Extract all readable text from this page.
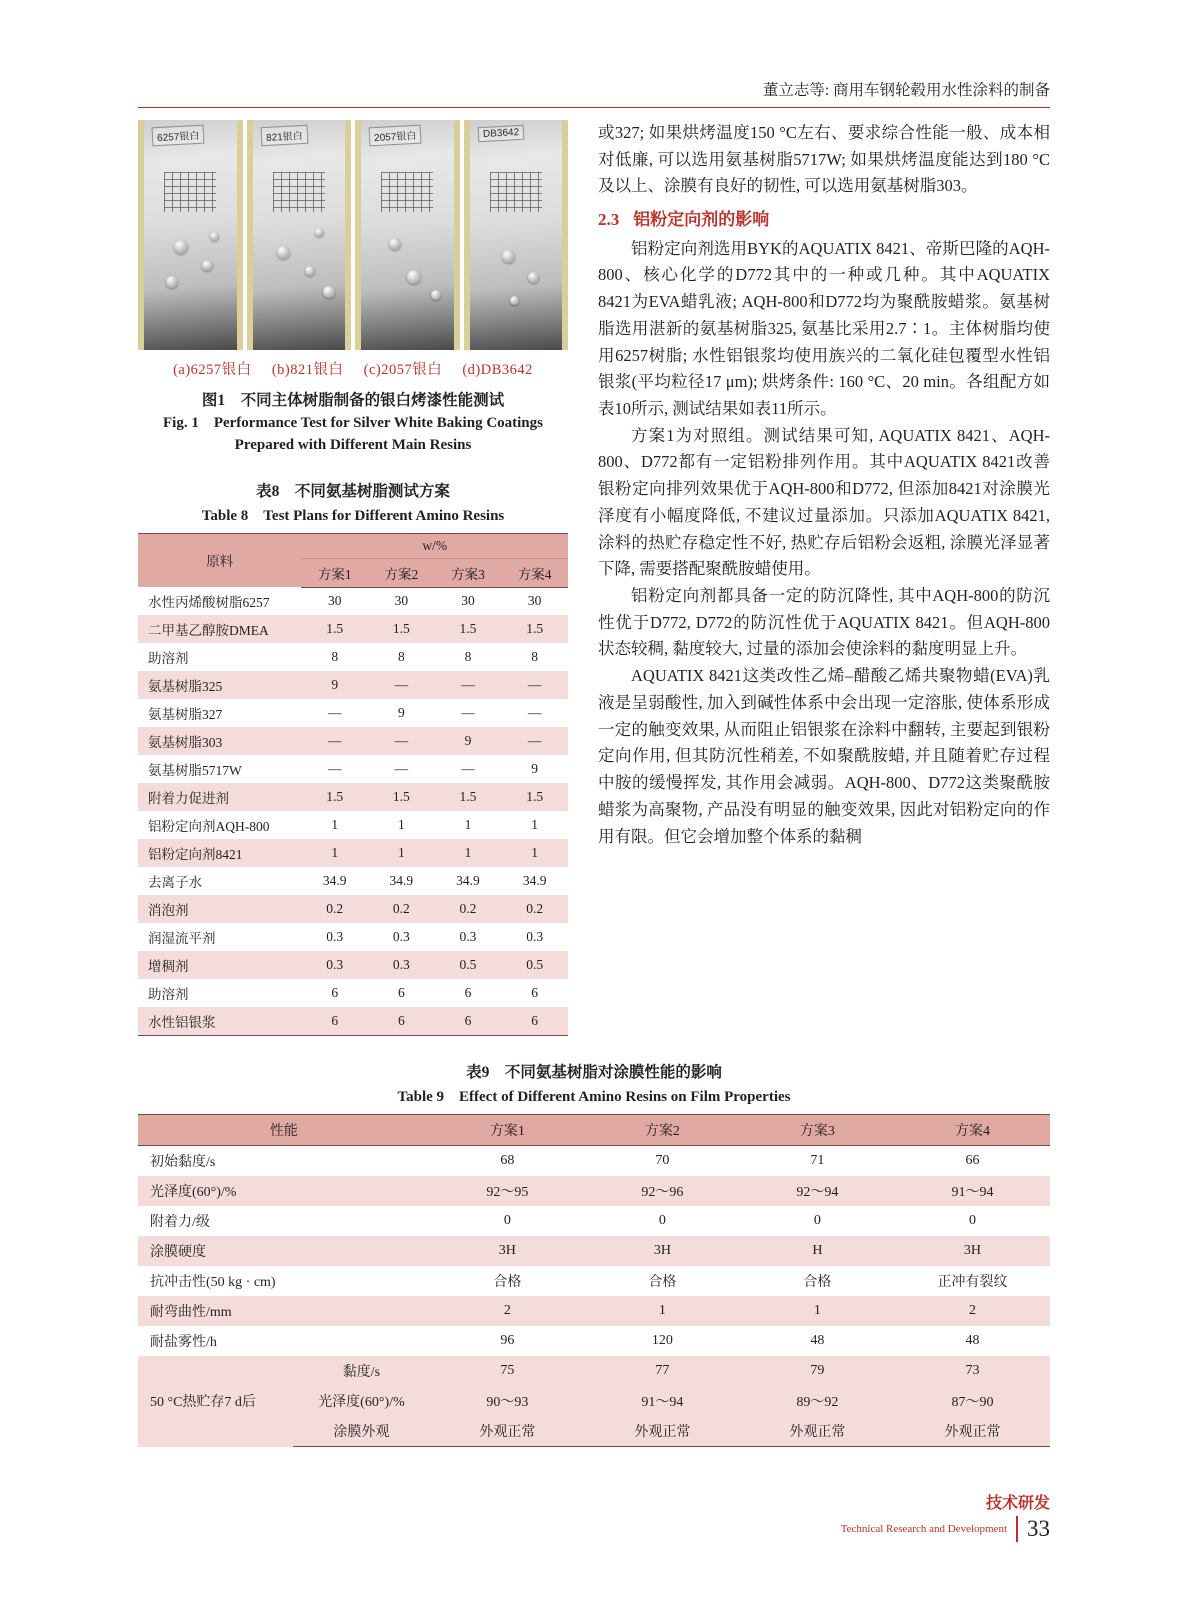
董立志等: 商用车钢轮毂用水性涂料的制备
6257银白	821银白	2057银白	DB3642
(a)6257银白 (b)821银白 (c)2057银白 (d)DB3642
图1　不同主体树脂制备的银白烤漆性能测试
Fig. 1　Performance Test for Silver White Baking Coatings
Prepared with Different Main Resins
表8　不同氨基树脂测试方案
Table 8　Test Plans for Different Amino Resins
原料	w/%			
	方案1	方案2	方案3	方案4
水性丙烯酸树脂6257	30	30	30	30
二甲基乙醇胺DMEA	1.5	1.5	1.5	1.5
助溶剂	8	8	8	8
氨基树脂325	9	—	—	—
氨基树脂327	—	9	—	—
氨基树脂303	—	—	9	—
氨基树脂5717W	—	—	—	9
附着力促进剂	1.5	1.5	1.5	1.5
铝粉定向剂AQH-800	1	1	1	1
铝粉定向剂8421	1	1	1	1
去离子水	34.9	34.9	34.9	34.9
消泡剂	0.2	0.2	0.2	0.2
润湿流平剂	0.3	0.3	0.3	0.3
增稠剂	0.3	0.3	0.5	0.5
助溶剂	6	6	6	6
水性铝银浆	6	6	6	6

或327; 如果烘烤温度150 °C左右、要求综合性能一般、成本相对低廉, 可以选用氨基树脂5717W; 如果烘烤温度能达到180 °C及以上、涂膜有良好的韧性, 可以选用氨基树脂303。

2.3 铝粉定向剂的影响

铝粉定向剂选用BYK的AQUATIX 8421、帝斯巴隆的AQH-800、核心化学的D772其中的一种或几种。其中AQUATIX 8421为EVA蜡乳液; AQH-800和D772均为聚酰胺蜡浆。氨基树脂选用湛新的氨基树脂325, 氨基比采用2.7∶1。主体树脂均使用6257树脂; 水性铝银浆均使用族兴的二氧化硅包覆型水性铝银浆(平均粒径17 μm); 烘烤条件: 160 °C、20 min。各组配方如表10所示, 测试结果如表11所示。

方案1为对照组。测试结果可知, AQUATIX 8421、AQH-800、D772都有一定铝粉排列作用。其中AQUATIX 8421改善银粉定向排列效果优于AQH-800和D772, 但添加8421对涂膜光泽度有小幅度降低, 不建议过量添加。只添加AQUATIX 8421, 涂料的热贮存稳定性不好, 热贮存后铝粉会返粗, 涂膜光泽显著下降, 需要搭配聚酰胺蜡使用。

铝粉定向剂都具备一定的防沉降性, 其中AQH-800的防沉性优于D772, D772的防沉性优于AQUATIX 8421。但AQH-800状态较稠, 黏度较大, 过量的添加会使涂料的黏度明显上升。

AQUATIX 8421这类改性乙烯–醋酸乙烯共聚物蜡(EVA)乳液是呈弱酸性, 加入到碱性体系中会出现一定溶胀, 使体系形成一定的触变效果, 从而阻止铝银浆在涂料中翻转, 主要起到银粉定向作用, 但其防沉性稍差, 不如聚酰胺蜡, 并且随着贮存过程中胺的缓慢挥发, 其作用会减弱。AQH-800、D772这类聚酰胺蜡浆为高聚物, 产品没有明显的触变效果, 因此对铝粉定向的作用有限。但它会增加整个体系的黏稠

表9　不同氨基树脂对涂膜性能的影响
Table 9　Effect of Different Amino Resins on Film Properties
性能		方案1	方案2	方案3	方案4
初始黏度/s		68	70	71	66
光泽度(60°)/%		92～95	92～96	92～94	91～94
附着力/级		0	0	0	0
涂膜硬度		3H	3H	H	3H
抗冲击性(50 kg · cm)		合格	合格	合格	正冲有裂纹
耐弯曲性/mm		2	1	1	2
耐盐雾性/h		96	120	48	48
50 °C热贮存7 d后	黏度/s	75	77	79	73
	光泽度(60°)/%	90～93	91～94	89～92	87～90
	涂膜外观	外观正常	外观正常	外观正常	外观正常
技术研发
Technical Research and Development 33
